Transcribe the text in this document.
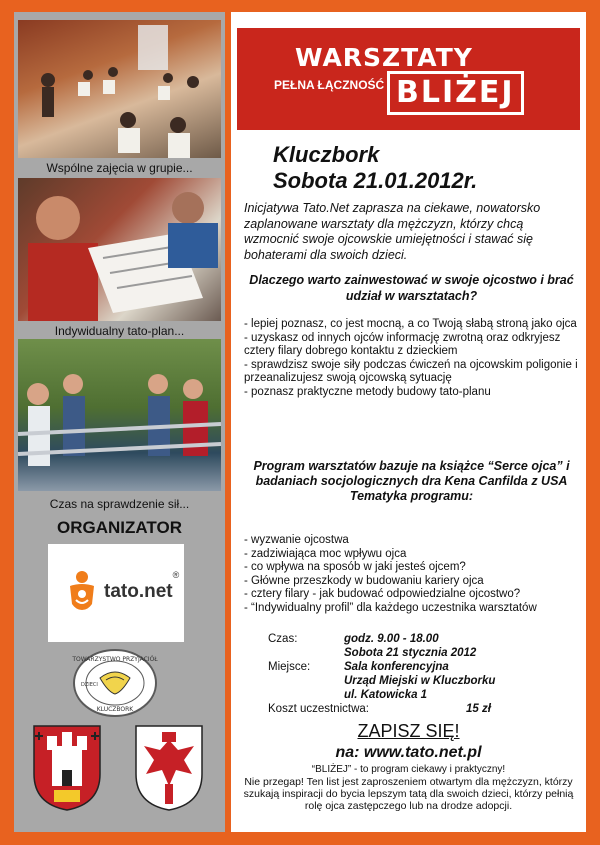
Wspólne zajęcia w grupie...
Indywidualny tato-plan...
Czas na sprawdzenie sił...
ORGANIZATOR
tato.net
®
TOWARZYSTWO PRZYJACIÓŁ
KLUCZBORK
DZIECI
WARSZTATY
PEŁNA ŁĄCZNOŚĆ BLIŻEJ
Kluczbork
Sobota 21.01.2012r.
Inicjatywa Tato.Net zaprasza na ciekawe, nowatorsko zaplanowane warsztaty dla mężczyzn, którzy chcą wzmocnić swoje ojcowskie umiejętności i stawać się bohaterami dla swoich dzieci.
Dlaczego warto zainwestować w swoje ojcostwo i brać udział w warsztatach?
- lepiej poznasz, co jest mocną, a co Twoją słabą stroną jako ojca
- uzyskasz od innych ojców informację zwrotną oraz odkryjesz cztery filary dobrego kontaktu z dzieckiem
- sprawdzisz swoje siły podczas ćwiczeń na ojcowskim poligonie i przeanalizujesz swoją ojcowską sytuację
- poznasz praktyczne metody budowy tato-planu
Program warsztatów bazuje na książce “Serce ojca” i badaniach socjologicznych dra Kena Canfilda z USA
Tematyka programu:
- wyzwanie ojcostwa
- zadziwiająca moc wpływu ojca
- co wpływa na sposób w jaki jesteś ojcem?
- Główne przeszkody w budowaniu kariery ojca
- cztery filary - jak budować odpowiedzialne ojcostwo?
- “Indywidualny profil” dla każdego uczestnika warsztatów
Czas:	godz. 9.00 - 18.00
Sobota 21 stycznia 2012
Miejsce:	Sala konferencyjna
Urząd Miejski w Kluczborku
ul. Katowicka 1
Koszt uczestnictwa:	15 zł
ZAPISZ SIĘ!
na: www.tato.net.pl
“BLIŻEJ” - to program ciekawy i praktyczny!
Nie przegap! Ten list jest zaproszeniem otwartym dla mężczyzn, którzy szukają inspiracji do bycia lepszym tatą dla swoich dzieci, którzy pełnią rolę ojca zastępczego lub na drodze adopcji.
